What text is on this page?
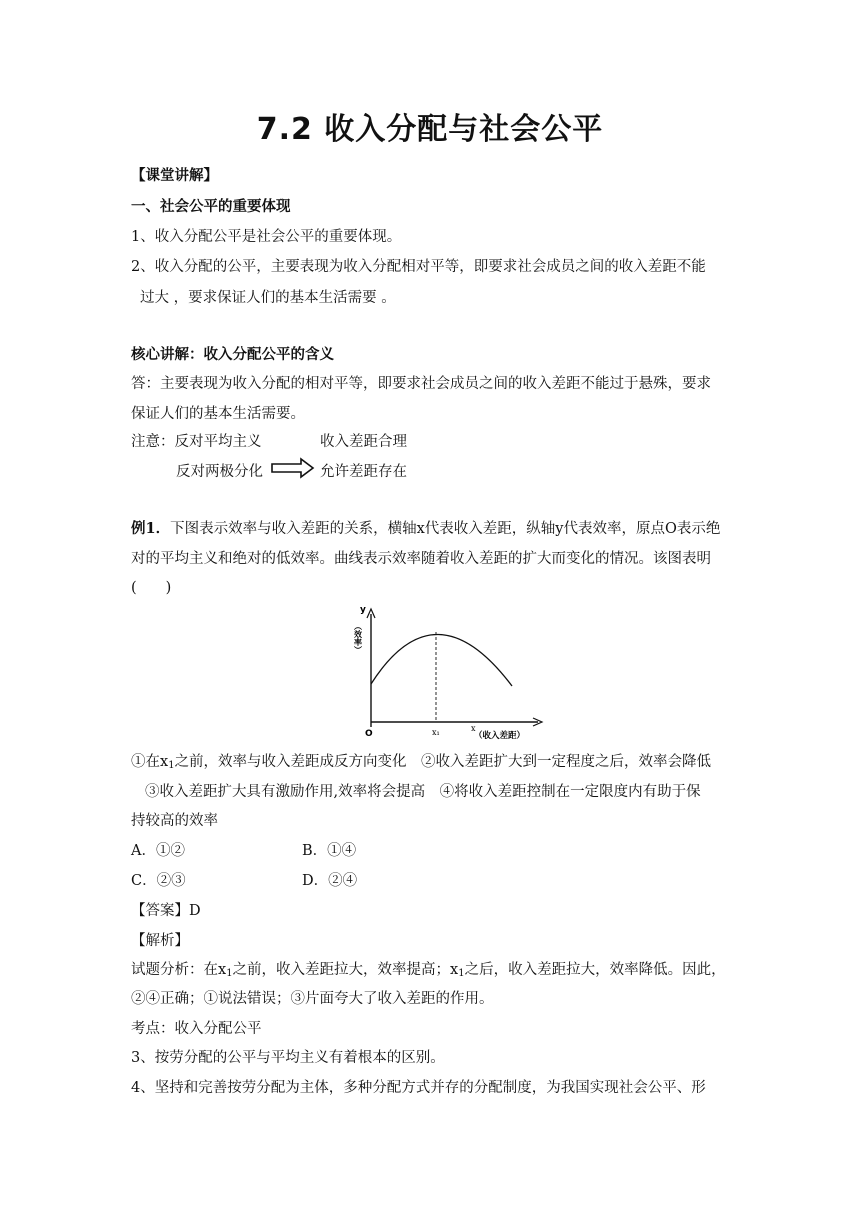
7.2 收入分配与社会公平
【课堂讲解】
一、社会公平的重要体现
1、收入分配公平是社会公平的重要体现。
2、收入分配的公平，主要表现为收入分配相对平等，即要求社会成员之间的收入差距不能
过大 ，要求保证人们的基本生活需要 。
核心讲解：收入分配公平的含义
答：主要表现为收入分配的相对平等，即要求社会成员之间的收入差距不能过于悬殊，要求
保证人们的基本生活需要。
注意：反对平均主义	收入差距合理
反对两极分化	允许差距存在
例1．下图表示效率与收入差距的关系，横轴x代表收入差距，纵轴y代表效率，原点O表示绝
对的平均主义和绝对的低效率。曲线表示效率随着收入差距的扩大而变化的情况。该图表明
(　　)
y
（效率）
O	x₁	x
（收入差距）
①在$x_1$之前，效率与收入差距成反方向变化　②收入差距扩大到一定程度之后，效率会降低
③收入差距扩大具有激励作用,效率将会提高　④将收入差距控制在一定限度内有助于保
持较高的效率
A．①②	B．①④
C．②③	D．②④
【答案】D
【解析】
试题分析：在$x_1$之前，收入差距拉大，效率提高；$x_1$之后，收入差距拉大，效率降低。因此，
②④正确；①说法错误；③片面夸大了收入差距的作用。
考点：收入分配公平
3、按劳分配的公平与平均主义有着根本的区别。
4、坚持和完善按劳分配为主体，多种分配方式并存的分配制度，为我国实现社会公平、形
